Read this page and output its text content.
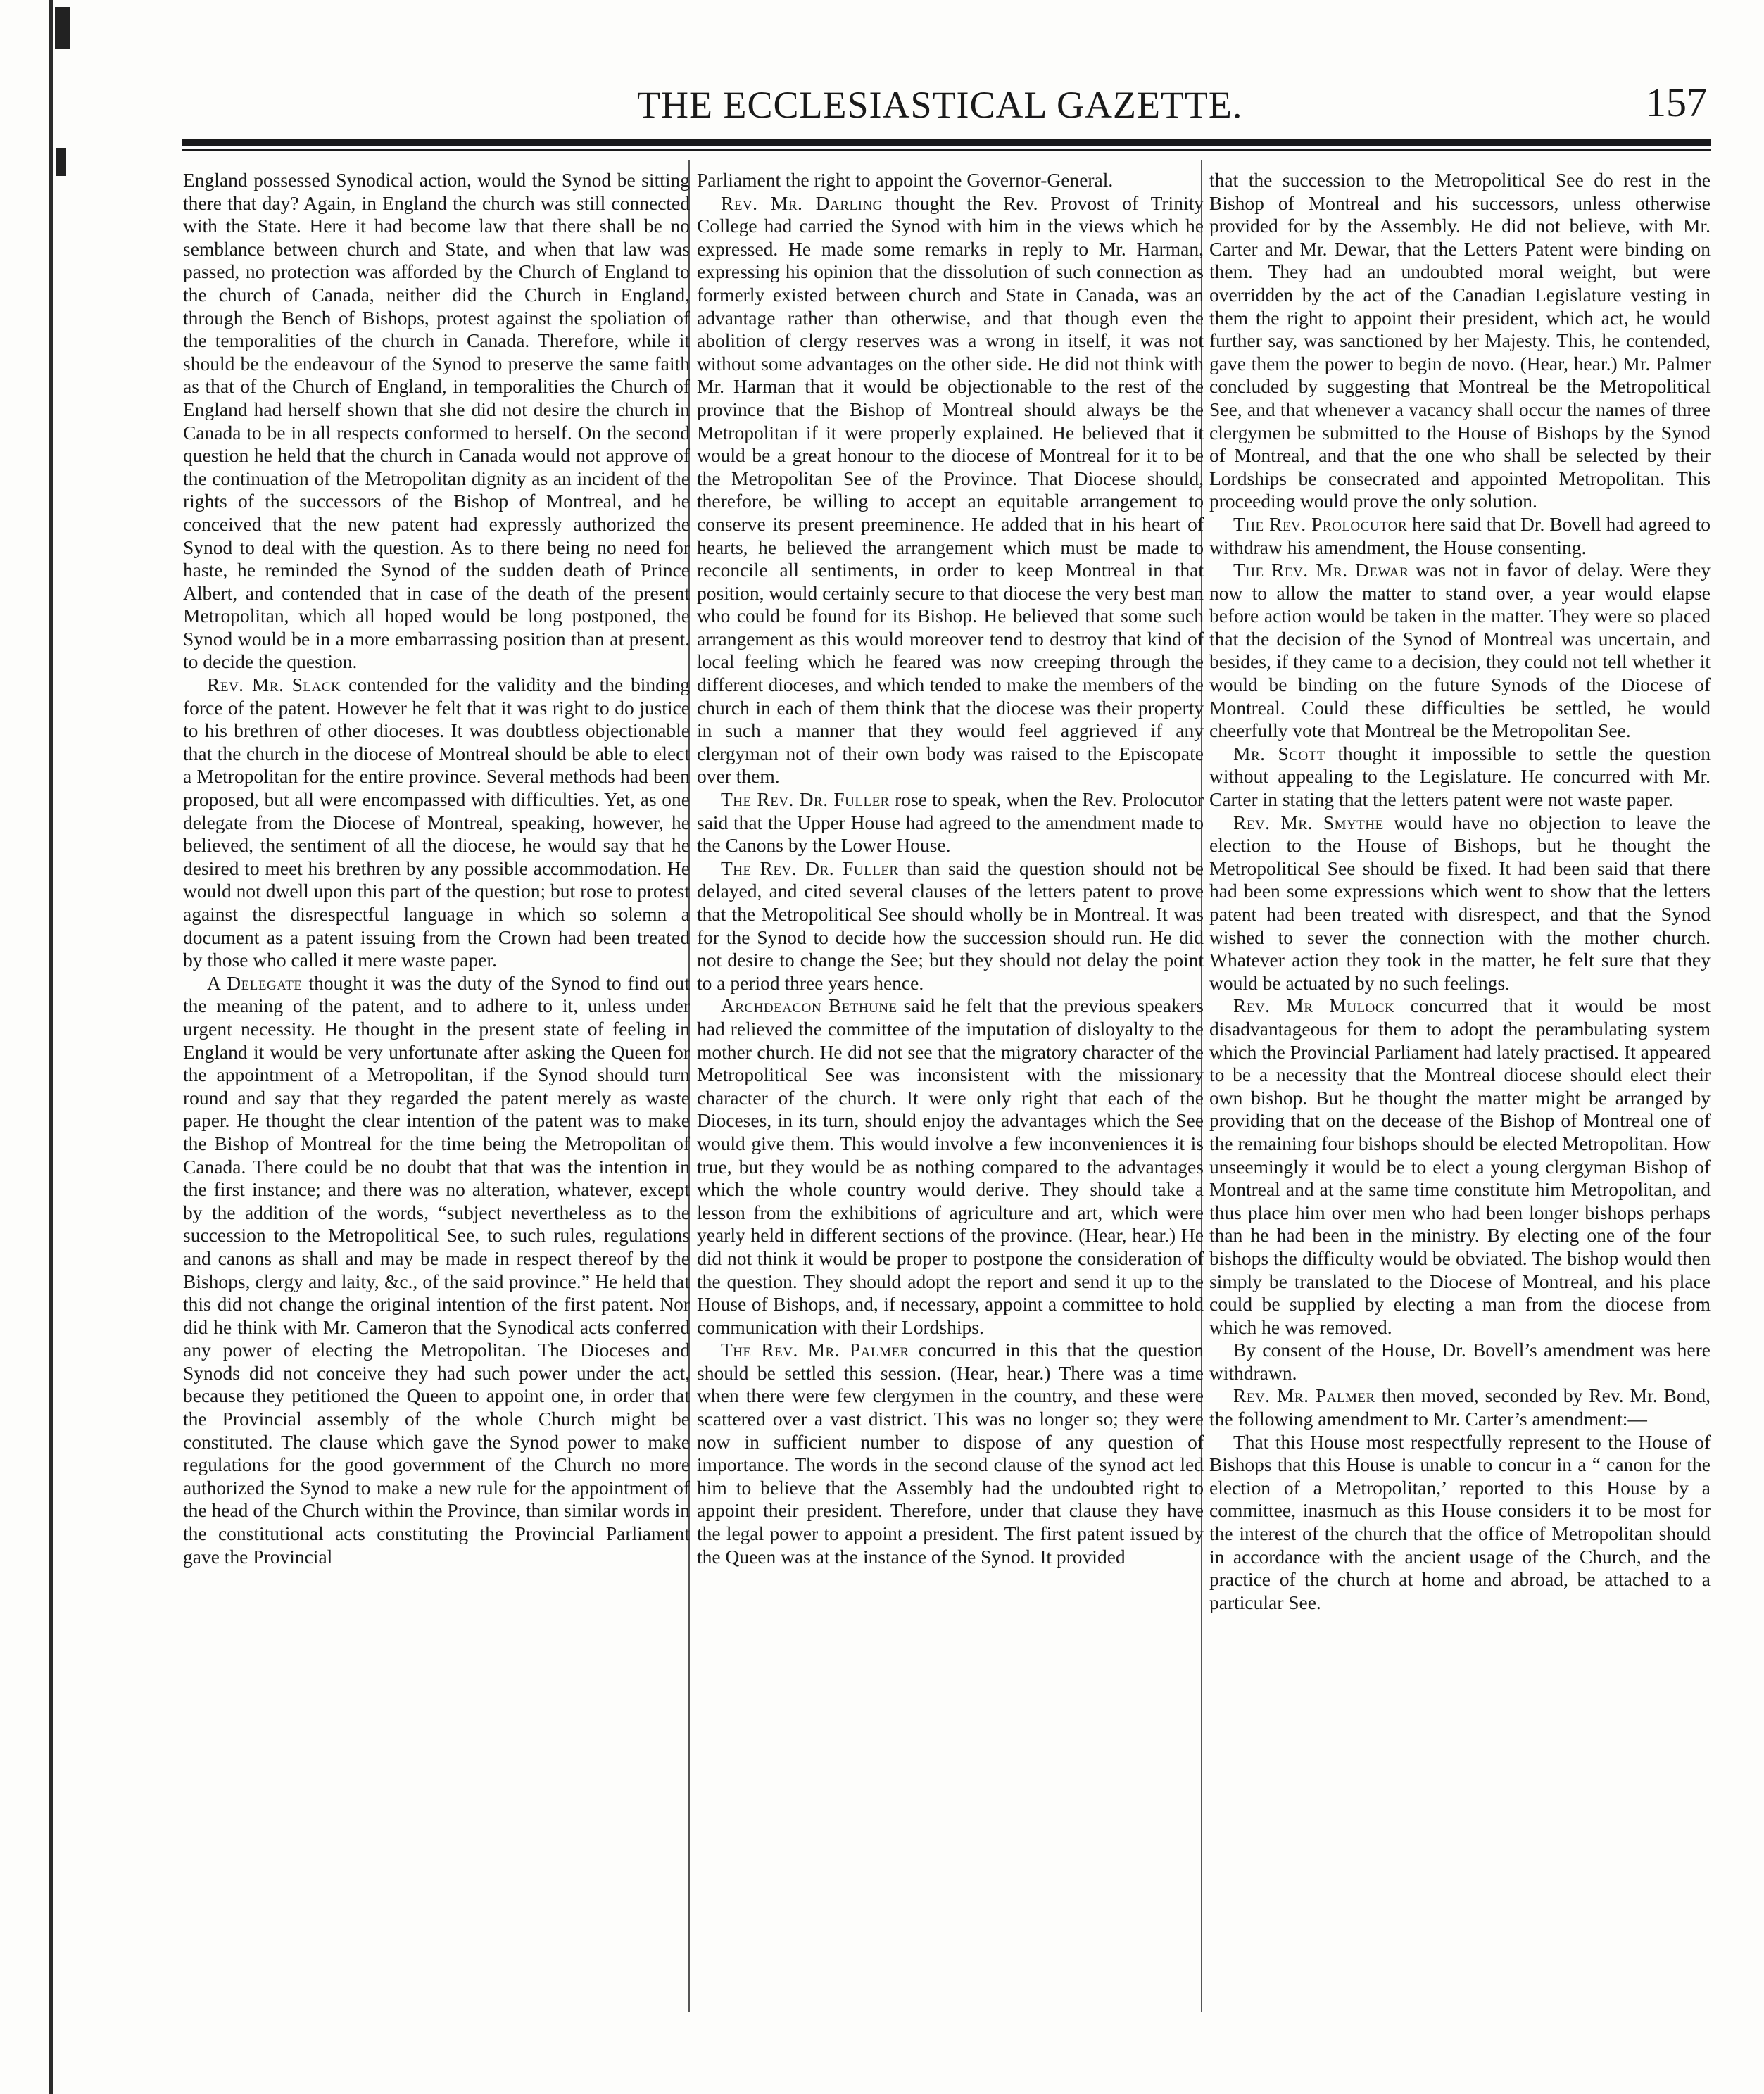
THE ECCLESIASTICAL GAZETTE.	157

England possessed Synodical action, would the Synod be sitting there that day? Again, in England the church was still connected with the State. Here it had become law that there shall be no semblance between church and State, and when that law was passed, no protection was afforded by the Church of England to the church of Canada, neither did the Church in England, through the Bench of Bishops, protest against the spoliation of the temporalities of the church in Canada. Therefore, while it should be the endeavour of the Synod to preserve the same faith as that of the Church of England, in temporalities the Church of England had herself shown that she did not desire the church in Canada to be in all respects conformed to herself. On the second question he held that the church in Canada would not approve of the continuation of the Metropolitan dignity as an incident of the rights of the successors of the Bishop of Montreal, and he conceived that the new patent had expressly authorized the Synod to deal with the question. As to there being no need for haste, he reminded the Synod of the sudden death of Prince Albert, and contended that in case of the death of the present Metropolitan, which all hoped would be long postponed, the Synod would be in a more embarrassing position than at present. to decide the question.

Rev. Mr. Slack contended for the validity and the binding force of the patent. However he felt that it was right to do justice to his brethren of other dioceses. It was doubtless objectionable that the church in the diocese of Montreal should be able to elect a Metropolitan for the entire province. Several methods had been proposed, but all were encompassed with difficulties. Yet, as one delegate from the Diocese of Montreal, speaking, however, he believed, the sentiment of all the diocese, he would say that he desired to meet his brethren by any possible accommodation. He would not dwell upon this part of the question; but rose to protest against the disrespectful language in which so solemn a document as a patent issuing from the Crown had been treated by those who called it mere waste paper.

A Delegate thought it was the duty of the Synod to find out the meaning of the patent, and to adhere to it, unless under urgent necessity. He thought in the present state of feeling in England it would be very unfortunate after asking the Queen for the appointment of a Metropolitan, if the Synod should turn round and say that they regarded the patent merely as waste paper. He thought the clear intention of the patent was to make the Bishop of Montreal for the time being the Metropolitan of Canada. There could be no doubt that that was the intention in the first instance; and there was no alteration, whatever, except by the addition of the words, “subject nevertheless as to the succession to the Metropolitical See, to such rules, regulations and canons as shall and may be made in respect thereof by the Bishops, clergy and laity, &c., of the said province.” He held that this did not change the original intention of the first patent. Nor did he think with Mr. Cameron that the Synodical acts conferred any power of electing the Metropolitan. The Dioceses and Synods did not conceive they had such power under the act, because they petitioned the Queen to appoint one, in order that the Provincial assembly of the whole Church might be constituted. The clause which gave the Synod power to make regulations for the good government of the Church no more authorized the Synod to make a new rule for the appointment of the head of the Church within the Province, than similar words in the constitutional acts constituting the Provincial Parliament gave the Provincial

Parliament the right to appoint the Governor-General.

Rev. Mr. Darling thought the Rev. Provost of Trinity College had carried the Synod with him in the views which he expressed. He made some remarks in reply to Mr. Harman, expressing his opinion that the dissolution of such connection as formerly existed between church and State in Canada, was an advantage rather than otherwise, and that though even the abolition of clergy reserves was a wrong in itself, it was not without some advantages on the other side. He did not think with Mr. Harman that it would be objectionable to the rest of the province that the Bishop of Montreal should always be the Metropolitan if it were properly explained. He believed that it would be a great honour to the diocese of Montreal for it to be the Metropolitan See of the Province. That Diocese should, therefore, be willing to accept an equitable arrangement to conserve its present preeminence. He added that in his heart of hearts, he believed the arrangement which must be made to reconcile all sentiments, in order to keep Montreal in that position, would certainly secure to that diocese the very best man who could be found for its Bishop. He believed that some such arrangement as this would moreover tend to destroy that kind of local feeling which he feared was now creeping through the different dioceses, and which tended to make the members of the church in each of them think that the diocese was their property in such a manner that they would feel aggrieved if any clergyman not of their own body was raised to the Episcopate over them.

The Rev. Dr. Fuller rose to speak, when the Rev. Prolocutor said that the Upper House had agreed to the amendment made to the Canons by the Lower House.

The Rev. Dr. Fuller than said the question should not be delayed, and cited several clauses of the letters patent to prove that the Metropolitical See should wholly be in Montreal. It was for the Synod to decide how the succession should run. He did not desire to change the See; but they should not delay the point to a period three years hence.

Archdeacon Bethune said he felt that the previous speakers had relieved the committee of the imputation of disloyalty to the mother church. He did not see that the migratory character of the Metropolitical See was inconsistent with the missionary character of the church. It were only right that each of the Dioceses, in its turn, should enjoy the advantages which the See would give them. This would involve a few inconveniences it is true, but they would be as nothing compared to the advantages which the whole country would derive. They should take a lesson from the exhibitions of agriculture and art, which were yearly held in different sections of the province. (Hear, hear.) He did not think it would be proper to postpone the consideration of the question. They should adopt the report and send it up to the House of Bishops, and, if necessary, appoint a committee to hold communication with their Lordships.

The Rev. Mr. Palmer concurred in this that the question should be settled this session. (Hear, hear.) There was a time when there were few clergymen in the country, and these were scattered over a vast district. This was no longer so; they were now in sufficient number to dispose of any question of importance. The words in the second clause of the synod act led him to believe that the Assembly had the undoubted right to appoint their president. Therefore, under that clause they have the legal power to appoint a president. The first patent issued by the Queen was at the instance of the Synod. It provided

that the succession to the Metropolitical See do rest in the Bishop of Montreal and his successors, unless otherwise provided for by the Assembly. He did not believe, with Mr. Carter and Mr. Dewar, that the Letters Patent were binding on them. They had an undoubted moral weight, but were overridden by the act of the Canadian Legislature vesting in them the right to appoint their president, which act, he would further say, was sanctioned by her Majesty. This, he contended, gave them the power to begin de novo. (Hear, hear.) Mr. Palmer concluded by suggesting that Montreal be the Metropolitical See, and that whenever a vacancy shall occur the names of three clergymen be submitted to the House of Bishops by the Synod of Montreal, and that the one who shall be selected by their Lordships be consecrated and appointed Metropolitan. This proceeding would prove the only solution.

The Rev. Prolocutor here said that Dr. Bovell had agreed to withdraw his amendment, the House consenting.

The Rev. Mr. Dewar was not in favor of delay. Were they now to allow the matter to stand over, a year would elapse before action would be taken in the matter. They were so placed that the decision of the Synod of Montreal was uncertain, and besides, if they came to a decision, they could not tell whether it would be binding on the future Synods of the Diocese of Montreal. Could these difficulties be settled, he would cheerfully vote that Montreal be the Metropolitan See.

Mr. Scott thought it impossible to settle the question without appealing to the Legislature. He concurred with Mr. Carter in stating that the letters patent were not waste paper.

Rev. Mr. Smythe would have no objection to leave the election to the House of Bishops, but he thought the Metropolitical See should be fixed. It had been said that there had been some expressions which went to show that the letters patent had been treated with disrespect, and that the Synod wished to sever the connection with the mother church. Whatever action they took in the matter, he felt sure that they would be actuated by no such feelings.

Rev. Mr Mulock concurred that it would be most disadvantageous for them to adopt the perambulating system which the Provincial Parliament had lately practised. It appeared to be a necessity that the Montreal diocese should elect their own bishop. But he thought the matter might be arranged by providing that on the decease of the Bishop of Montreal one of the remaining four bishops should be elected Metropolitan. How unseemingly it would be to elect a young clergyman Bishop of Montreal and at the same time constitute him Metropolitan, and thus place him over men who had been longer bishops perhaps than he had been in the ministry. By electing one of the four bishops the difficulty would be obviated. The bishop would then simply be translated to the Diocese of Montreal, and his place could be supplied by electing a man from the diocese from which he was removed.

By consent of the House, Dr. Bovell’s amendment was here withdrawn.

Rev. Mr. Palmer then moved, seconded by Rev. Mr. Bond, the following amendment to Mr. Carter’s amendment:—

That this House most respectfully represent to the House of Bishops that this House is unable to concur in a “ canon for the election of a Metropolitan,’ reported to this House by a committee, inasmuch as this House considers it to be most for the interest of the church that the office of Metropolitan should in accordance with the ancient usage of the Church, and the practice of the church at home and abroad, be attached to a particular See.
